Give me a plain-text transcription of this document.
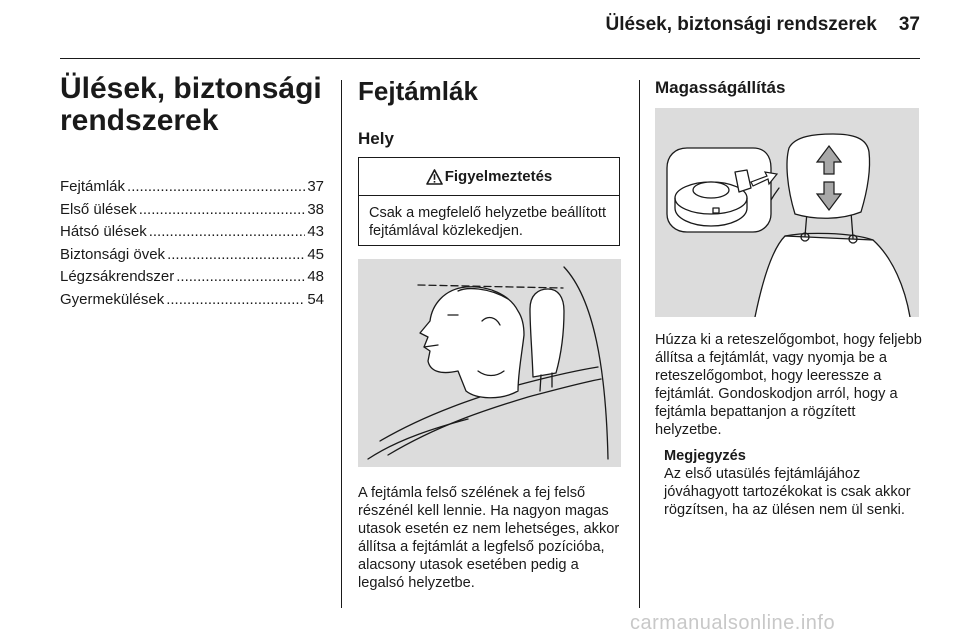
Ülések, biztonsági rendszerek 37
Ülések, biztonsági rendszerek
Fejtámlák .....	37
Első ülések .....	38
Hátsó ülések .....	43
Biztonsági övek .....	45
Légzsákrendszer .....	48
Gyermekülések .....	54
Fejtámlák
Hely
Figyelmeztetés
Csak a megfelelő helyzetbe beállított fejtámlával közlekedjen.

A fejtámla felső szélének a fej felső részénél kell lennie. Ha nagyon magas utasok esetén ez nem lehetséges, akkor állítsa a fejtámlát a legfelső pozícióba, alacsony utasok esetében pedig a legalsó helyzetbe.

Magasságállítás

Húzza ki a reteszelőgombot, hogy feljebb állítsa a fejtámlát, vagy nyomja be a reteszelőgombot, hogy leeressze a fejtámlát. Gondoskodjon arról, hogy a fejtámla bepattanjon a rögzített helyzetbe.

Megjegyzés

Az első utasülés fejtámlájához jóváhagyott tartozékokat is csak akkor rögzítsen, ha az ülésen nem ül senki.

carmanualsonline.info
